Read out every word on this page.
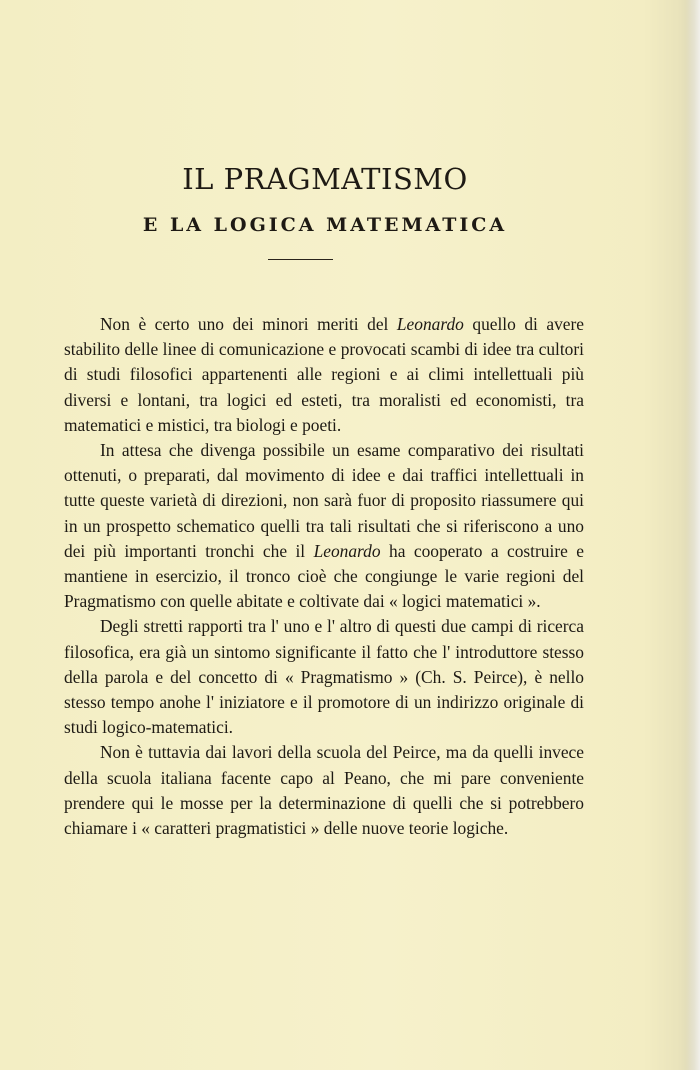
IL PRAGMATISMO
E LA LOGICA MATEMATICA

Non è certo uno dei minori meriti del Leonardo quello di avere stabilito delle linee di comunicazione e provocati scambi di idee tra cultori di studi filosofici appartenenti alle regioni e ai climi intellettuali più diversi e lontani, tra logici ed esteti, tra moralisti ed economisti, tra matematici e mistici, tra biologi e poeti.

In attesa che divenga possibile un esame comparativo dei risultati ottenuti, o preparati, dal movimento di idee e dai traffici intellettuali in tutte queste varietà di direzioni, non sarà fuor di proposito riassumere qui in un prospetto schematico quelli tra tali risultati che si riferiscono a uno dei più importanti tronchi che il Leonardo ha cooperato a costruire e mantiene in esercizio, il tronco cioè che congiunge le varie regioni del Pragmatismo con quelle abitate e coltivate dai « logici matematici ».

Degli stretti rapporti tra l' uno e l' altro di questi due campi di ricerca filosofica, era già un sintomo significante il fatto che l' introduttore stesso della parola e del concetto di « Pragmatismo » (Ch. S. Peirce), è nello stesso tempo anohe l' iniziatore e il promotore di un indirizzo originale di studi logico-matematici.

Non è tuttavia dai lavori della scuola del Peirce, ma da quelli invece della scuola italiana facente capo al Peano, che mi pare conveniente prendere qui le mosse per la determinazione di quelli che si potrebbero chiamare i « caratteri pragmatistici » delle nuove teorie logiche.
